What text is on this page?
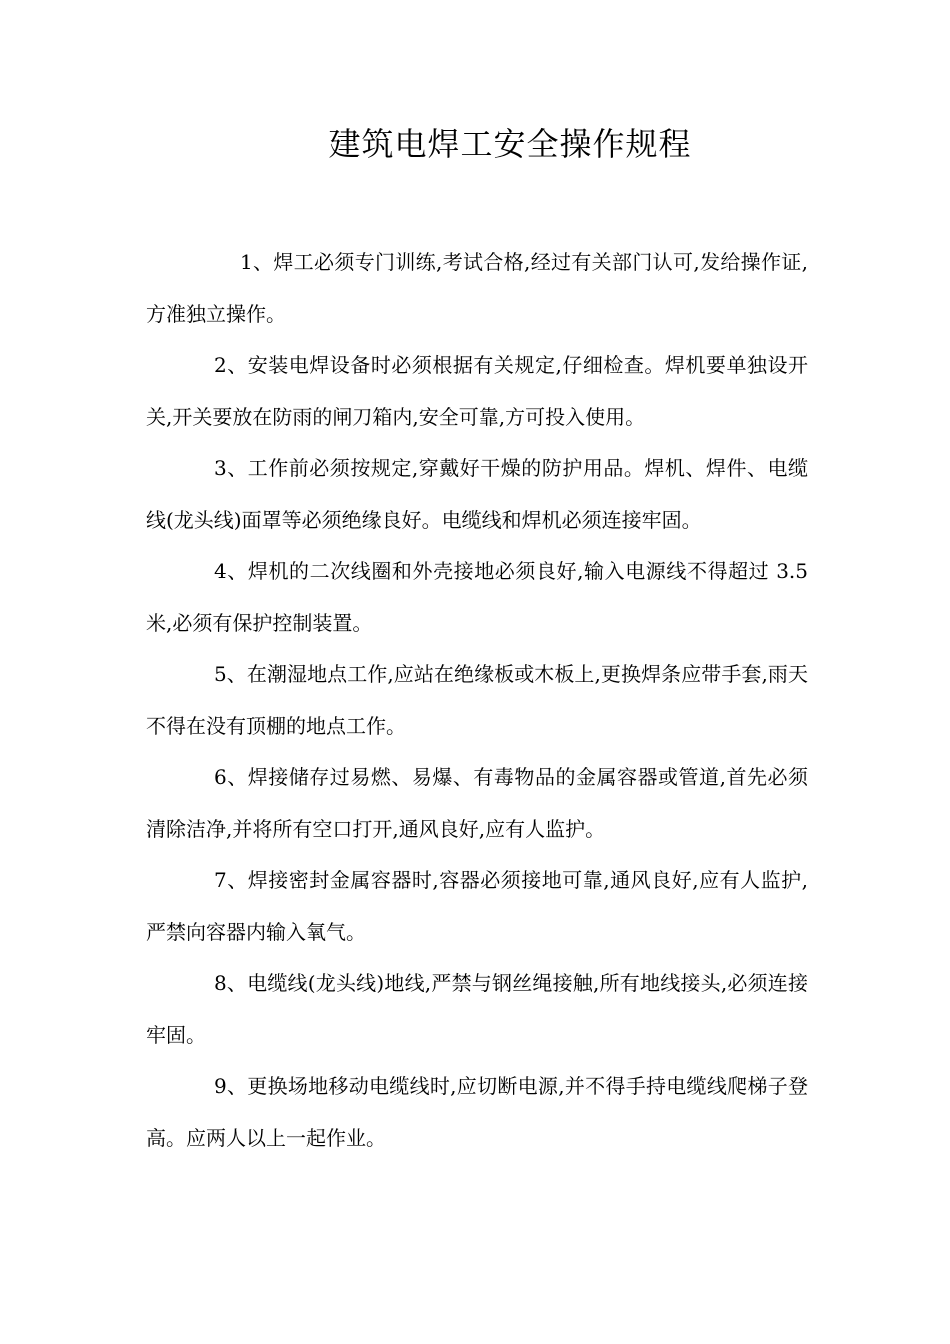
建筑电焊工安全操作规程

1、焊工必须专门训练,考试合格,经过有关部门认可,发给操作证,方准独立操作。

2、安装电焊设备时必须根据有关规定,仔细检查。焊机要单独设开关,开关要放在防雨的闸刀箱内,安全可靠,方可投入使用。

3、工作前必须按规定,穿戴好干燥的防护用品。焊机、焊件、电缆线(龙头线)面罩等必须绝缘良好。电缆线和焊机必须连接牢固。

4、焊机的二次线圈和外壳接地必须良好,输入电源线不得超过 3.5 米,必须有保护控制装置。

5、在潮湿地点工作,应站在绝缘板或木板上,更换焊条应带手套,雨天不得在没有顶棚的地点工作。

6、焊接储存过易燃、易爆、有毒物品的金属容器或管道,首先必须清除洁净,并将所有空口打开,通风良好,应有人监护。

7、焊接密封金属容器时,容器必须接地可靠,通风良好,应有人监护,严禁向容器内输入氧气。

8、电缆线(龙头线)地线,严禁与钢丝绳接触,所有地线接头,必须连接牢固。

9、更换场地移动电缆线时,应切断电源,并不得手持电缆线爬梯子登高。应两人以上一起作业。
